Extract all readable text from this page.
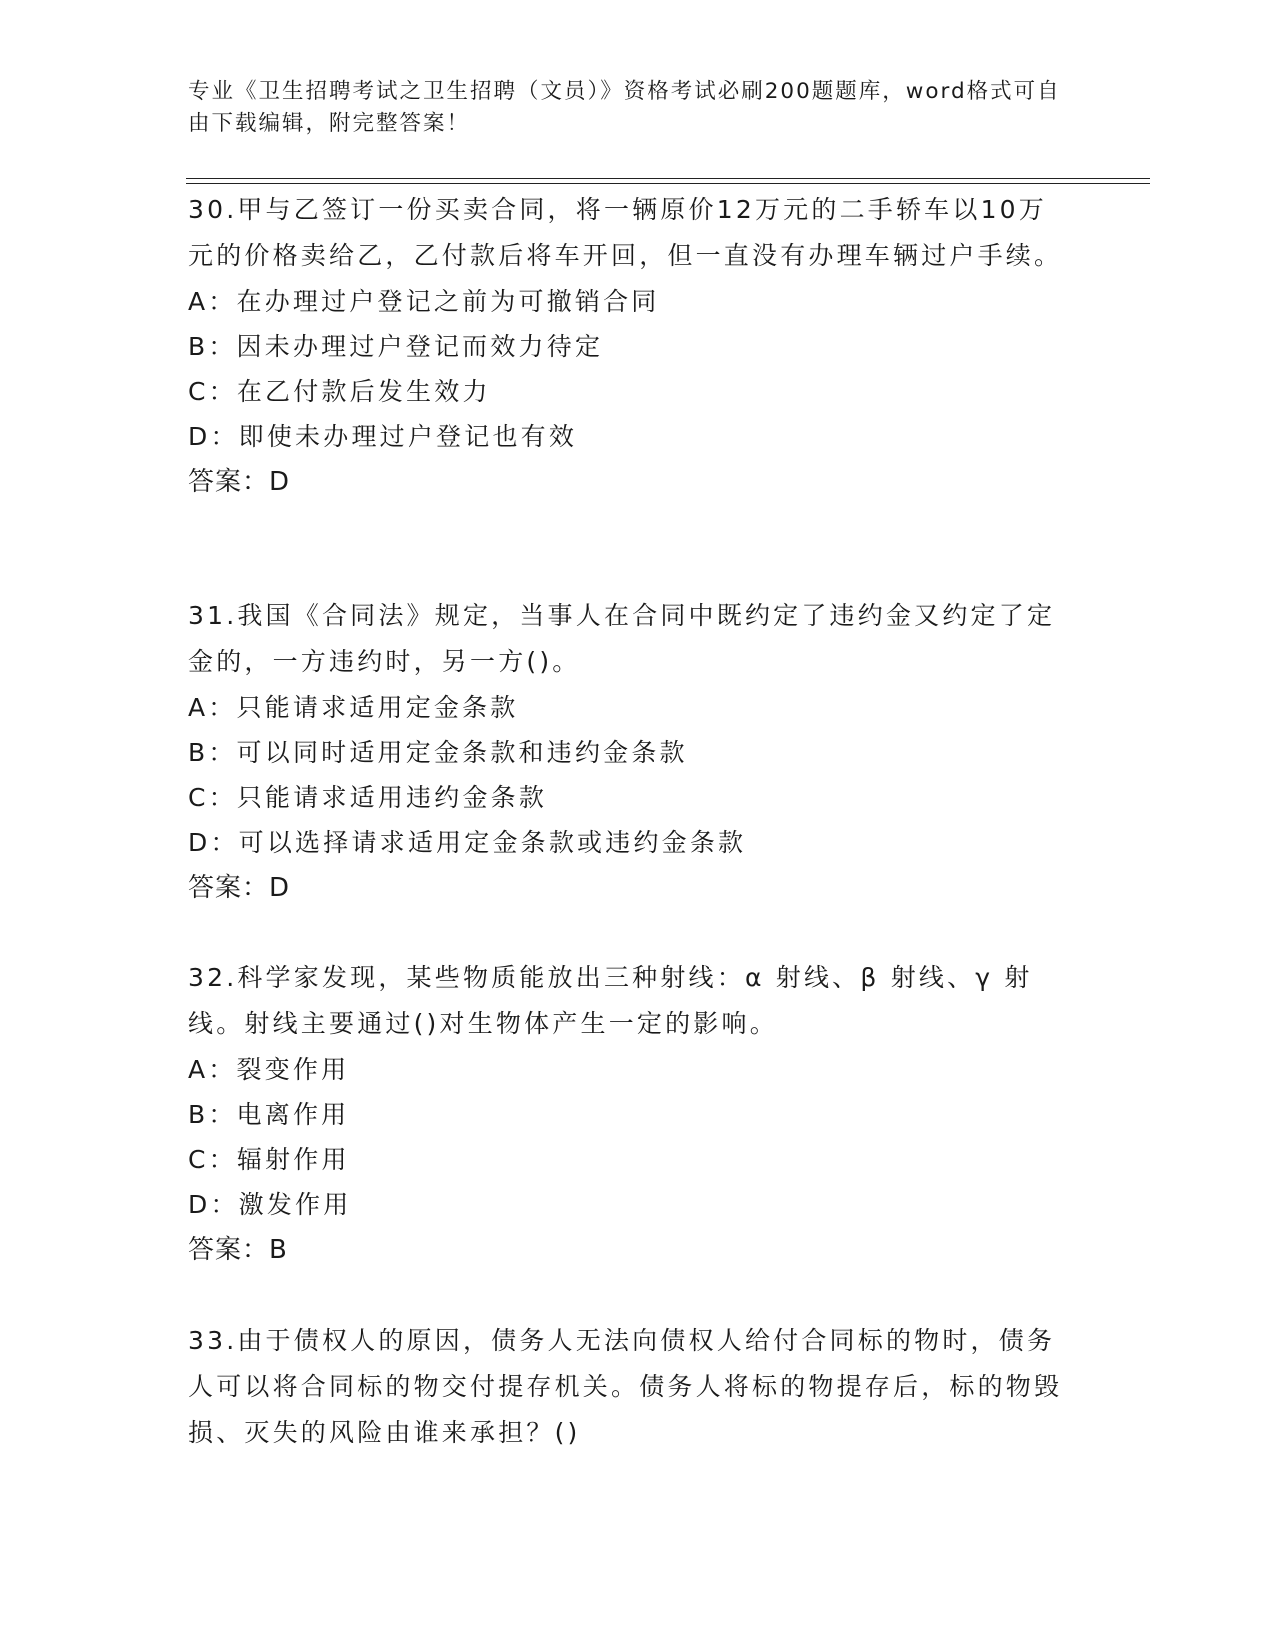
专业《卫生招聘考试之卫生招聘（文员）》资格考试必刷200题题库，word格式可自由下载编辑，附完整答案！

30.甲与乙签订一份买卖合同，将一辆原价12万元的二手轿车以10万元的价格卖给乙，乙付款后将车开回，但一直没有办理车辆过户手续。

A：在办理过户登记之前为可撤销合同

B：因未办理过户登记而效力待定

C：在乙付款后发生效力

D：即使未办理过户登记也有效

答案：D

31.我国《合同法》规定，当事人在合同中既约定了违约金又约定了定金的，一方违约时，另一方()。

A：只能请求适用定金条款

B：可以同时适用定金条款和违约金条款

C：只能请求适用违约金条款

D：可以选择请求适用定金条款或违约金条款

答案：D

32.科学家发现，某些物质能放出三种射线：α 射线、β 射线、γ 射线。射线主要通过()对生物体产生一定的影响。

A：裂变作用

B：电离作用

C：辐射作用

D：激发作用

答案：B

33.由于债权人的原因，债务人无法向债权人给付合同标的物时，债务人可以将合同标的物交付提存机关。债务人将标的物提存后，标的物毁损、灭失的风险由谁来承担？()
